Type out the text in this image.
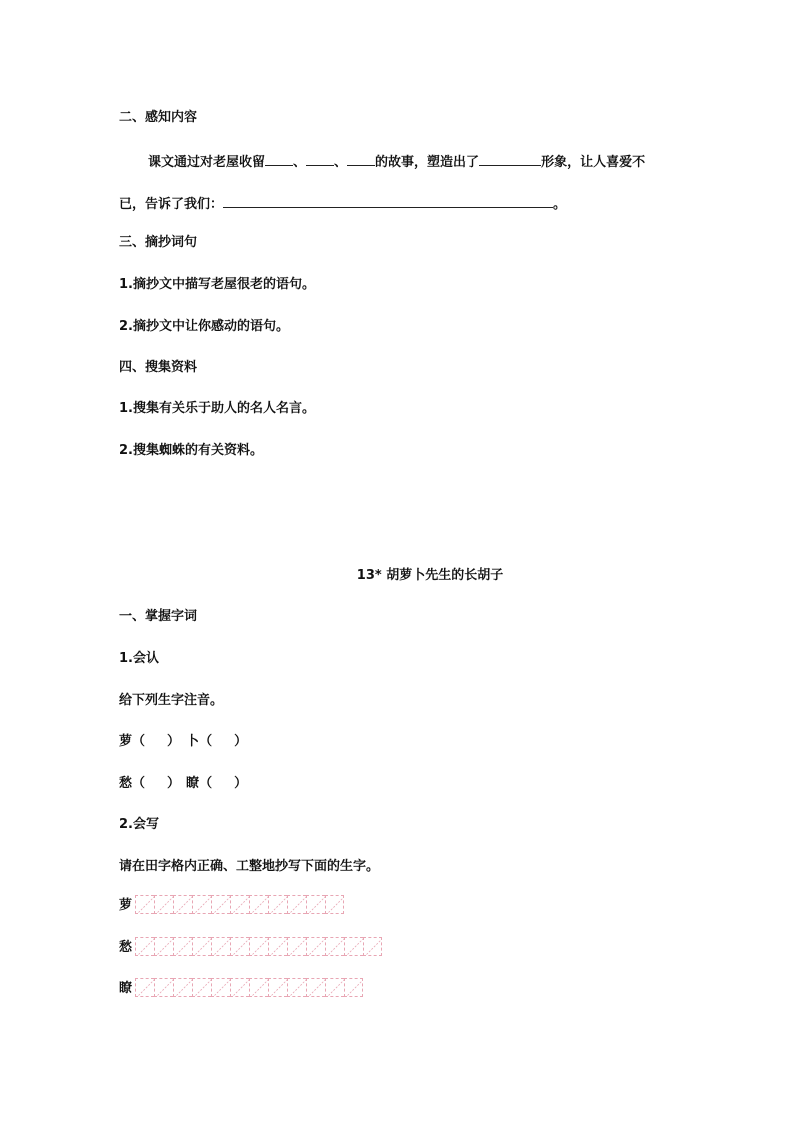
二、感知内容
课文通过对老屋收留 、 、 的故事，塑造出了	形象，让人喜爱不
已，告诉了我们：	。
三、摘抄词句
1.摘抄文中描写老屋很老的语句。
2.摘抄文中让你感动的语句。
四、搜集资料
1.搜集有关乐于助人的名人名言。
2.搜集蜘蛛的有关资料。
13* 胡萝卜先生的长胡子
一、掌握字词
1.会认
给下列生字注音。
萝（ ） 卜（ ）
愁（ ） 瞭（ ）
2.会写
请在田字格内正确、工整地抄写下面的生字。
萝
愁
瞭
